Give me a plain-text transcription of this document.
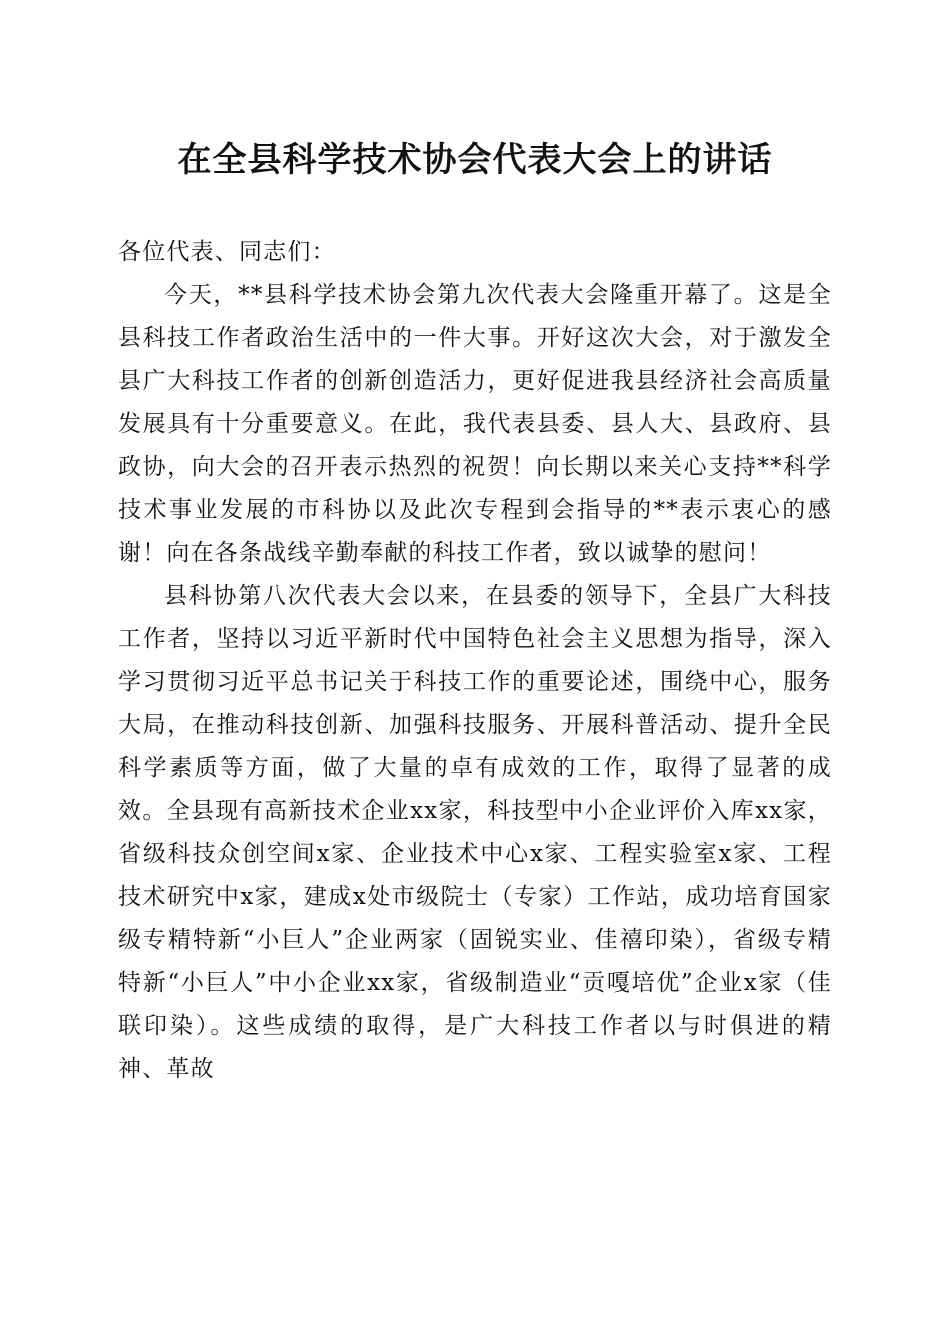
在全县科学技术协会代表大会上的讲话

各位代表、同志们：

今天，**县科学技术协会第九次代表大会隆重开幕了。这是全县科技工作者政治生活中的一件大事。开好这次大会，对于激发全县广大科技工作者的创新创造活力，更好促进我县经济社会高质量发展具有十分重要意义。在此，我代表县委、县人大、县政府、县政协，向大会的召开表示热烈的祝贺！向长期以来关心支持**科学技术事业发展的市科协以及此次专程到会指导的**表示衷心的感谢！向在各条战线辛勤奉献的科技工作者，致以诚挚的慰问！

县科协第八次代表大会以来，在县委的领导下，全县广大科技工作者，坚持以习近平新时代中国特色社会主义思想为指导，深入学习贯彻习近平总书记关于科技工作的重要论述，围绕中心，服务大局，在推动科技创新、加强科技服务、开展科普活动、提升全民科学素质等方面，做了大量的卓有成效的工作，取得了显著的成效。全县现有高新技术企业xx家，科技型中小企业评价入库xx家，省级科技众创空间x家、企业技术中心x家、工程实验室x家、工程技术研究中x家，建成x处市级院士（专家）工作站，成功培育国家级专精特新“小巨人”企业两家（固锐实业、佳禧印染），省级专精特新“小巨人”中小企业xx家，省级制造业“贡嘎培优”企业x家（佳联印染）。这些成绩的取得，是广大科技工作者以与时俱进的精神、革故
